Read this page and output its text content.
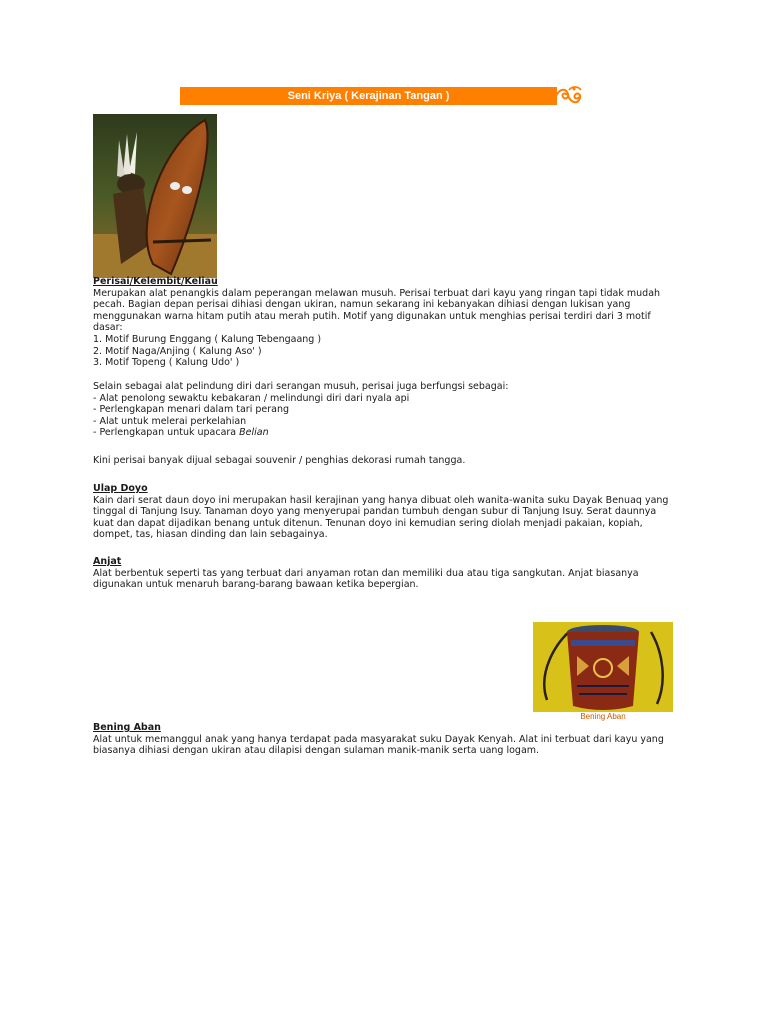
Seni Kriya ( Kerajinan Tangan )

Perisai/Kelembit/Keliau

Merupakan alat penangkis dalam peperangan melawan musuh. Perisai terbuat dari kayu yang ringan tapi tidak mudah pecah. Bagian depan perisai dihiasi dengan ukiran, namun sekarang ini kebanyakan dihiasi dengan lukisan yang menggunakan warna hitam putih atau merah putih. Motif yang digunakan untuk menghias perisai terdiri dari 3 motif dasar:

1. Motif Burung Enggang ( Kalung Tebengaang )
2. Motif Naga/Anjing ( Kalung Aso' )
3. Motif Topeng ( Kalung Udo' )

Selain sebagai alat pelindung diri dari serangan musuh, perisai juga berfungsi sebagai:

- Alat penolong sewaktu kebakaran / melindungi diri dari nyala api
- Perlengkapan menari dalam tari perang
- Alat untuk melerai perkelahian
- Perlengkapan untuk upacara Belian

Kini perisai banyak dijual sebagai souvenir / penghias dekorasi rumah tangga.

Ulap Doyo

Kain dari serat daun doyo ini merupakan hasil kerajinan yang hanya dibuat oleh wanita-wanita suku Dayak Benuaq yang tinggal di Tanjung Isuy. Tanaman doyo yang menyerupai pandan tumbuh dengan subur di Tanjung Isuy. Serat daunnya kuat dan dapat dijadikan benang untuk ditenun. Tenunan doyo ini kemudian sering diolah menjadi pakaian, kopiah, dompet, tas, hiasan dinding dan lain sebagainya.

Anjat

Alat berbentuk seperti tas yang terbuat dari anyaman rotan dan memiliki dua atau tiga sangkutan. Anjat biasanya digunakan untuk menaruh barang-barang bawaan ketika bepergian.

Bening Aban

Bening Aban

Alat untuk memanggul anak yang hanya terdapat pada masyarakat suku Dayak Kenyah. Alat ini terbuat dari kayu yang biasanya dihiasi dengan ukiran atau dilapisi dengan sulaman manik-manik serta uang logam.
